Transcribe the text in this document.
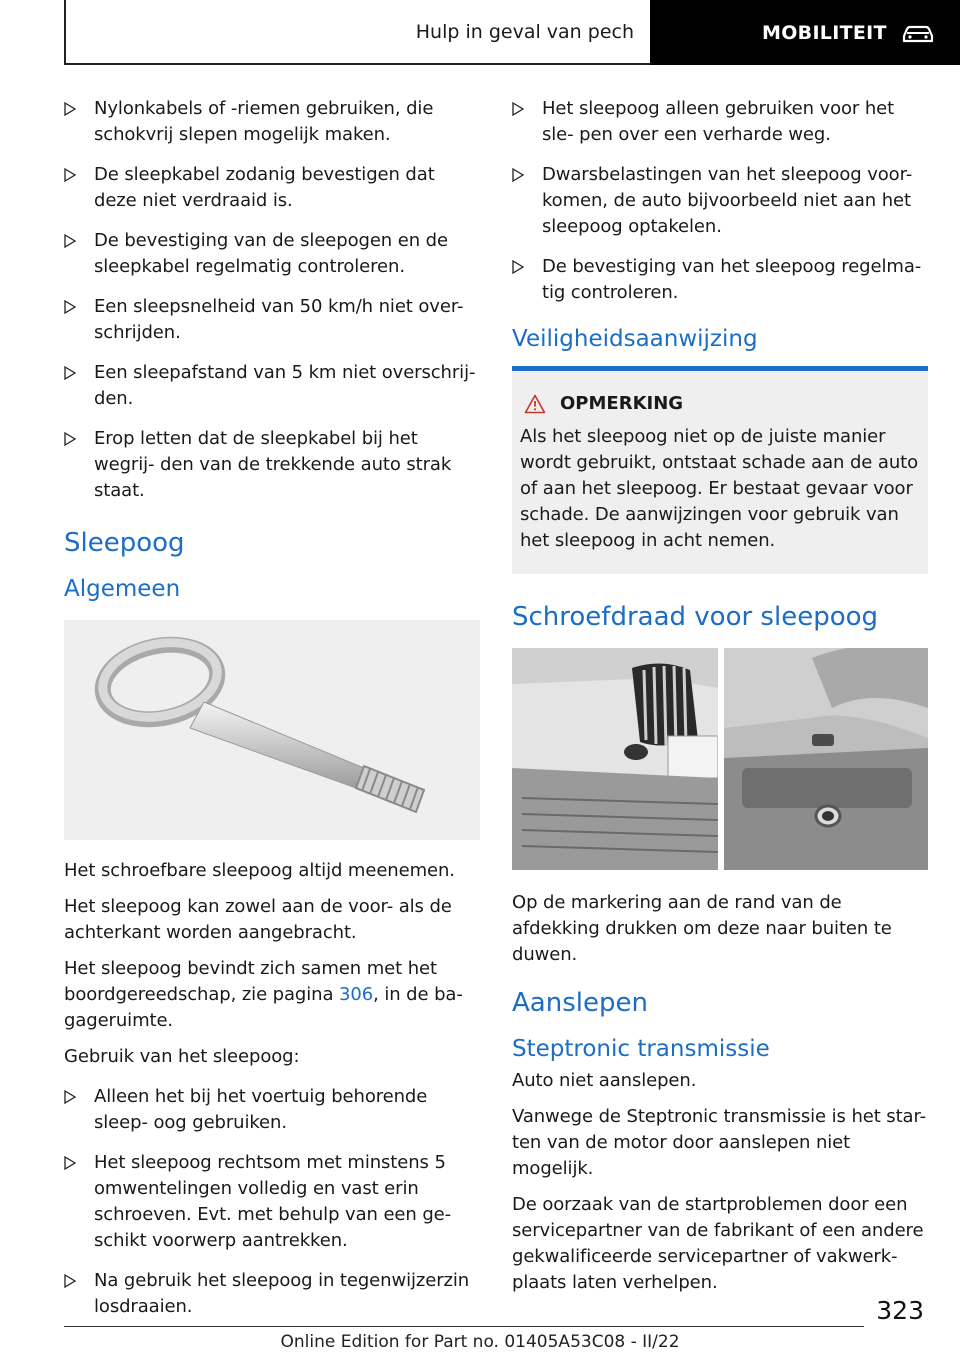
Hulp in geval van pech	MOBILITEIT
Nylonkabels of -riemen gebruiken, die schokvrij slepen mogelijk maken.
De sleepkabel zodanig bevestigen dat deze niet verdraaid is.
De bevestiging van de sleepogen en de sleepkabel regelmatig controleren.
Een sleepsnelheid van 50 km/h niet over- schrijden.
Een sleepafstand van 5 km niet overschrij- den.
Erop letten dat de sleepkabel bij het wegrij- den van de trekkende auto strak staat.
Sleepoog
Algemeen

Het schroefbare sleepoog altijd meenemen.

Het sleepoog kan zowel aan de voor- als de achterkant worden aangebracht.

Het sleepoog bevindt zich samen met het boordgereedschap, zie pagina 306, in de ba- gageruimte.

Gebruik van het sleepoog:

Alleen het bij het voertuig behorende sleep- oog gebruiken.
Het sleepoog rechtsom met minstens 5 omwentelingen volledig en vast erin schroeven. Evt. met behulp van een ge- schikt voorwerp aantrekken.
Na gebruik het sleepoog in tegenwijzerzin losdraaien.
Het sleepoog alleen gebruiken voor het sle- pen over een verharde weg.
Dwarsbelastingen van het sleepoog voor- komen, de auto bijvoorbeeld niet aan het sleepoog optakelen.
De bevestiging van het sleepoog regelma- tig controleren.
Veiligheidsaanwijzing
OPMERKING
Als het sleepoog niet op de juiste manier wordt gebruikt, ontstaat schade aan de auto of aan het sleepoog. Er bestaat gevaar voor schade. De aanwijzingen voor gebruik van het sleepoog in acht nemen.
Schroefdraad voor sleepoog

Op de markering aan de rand van de afdekking drukken om deze naar buiten te duwen.

Aanslepen
Steptronic transmissie

Auto niet aanslepen.

Vanwege de Steptronic transmissie is het star- ten van de motor door aanslepen niet mogelijk.

De oorzaak van de startproblemen door een servicepartner van de fabrikant of een andere gekwalificeerde servicepartner of vakwerk- plaats laten verhelpen.

323
Online Edition for Part no. 01405A53C08 - II/22
